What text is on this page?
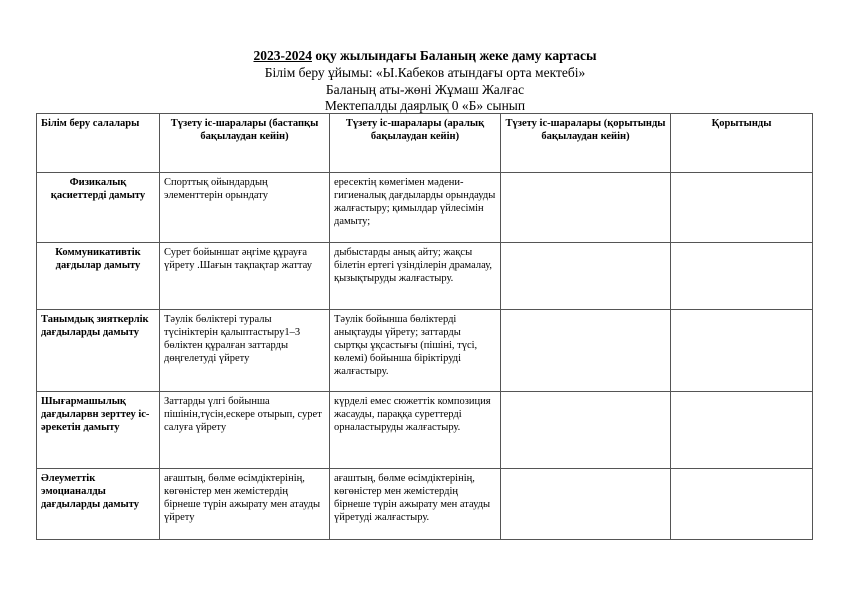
2023-2024 оқу жылындағы Баланың жеке даму картасы
Білім беру ұйымы: «Ы.Кабеков атындағы орта мектебі»
Баланың аты-жөні Жұмаш Жалғас
Мектепалды даярлық 0 «Б» сынып
Білім беру салалары	Түзету іс-шаралары (бастапқы бақылаудан кейін)	Түзету іс-шаралары (аралық бақылаудан кейін)	Түзету іс-шаралары (қорытынды бақылаудан кейін)	Қорытынды
Физикалық қасиеттерді дамыту	Спорттық ойындардың элементтерін орындату	ересектің көмегімен мәдени-гигиеналық дағдыларды орындауды жалғастыру; қимылдар үйлесімін дамыту;		
Коммуникативтік дағдылар дамыту	Сурет бойыншат әңгіме құрауға үйрету .Шағын тақпақтар жаттау	дыбыстарды анық айту; жақсы білетін ертегі үзінділерін драмалау, қызықтыруды жалғастыру.		
Танымдық зияткерлік дағдыларды дамыту	Тәулік бөліктері туралы түсініктерін қалыптастыру1–3 бөліктен құралған заттарды дөңгелетуді үйрету	Тәулік бойынша бөліктерді анықтауды үйрету; заттарды сыртқы ұқсастығы (пішіні, түсі, көлемі) бойынша біріктіруді жалғастыру.		
Шығармашылық дағдыларвн зерттеу іс-әрекетін дамыту	Заттарды үлгі бойынша пішінін,түсін,ескере отырып, сурет салуға үйрету	күрделі емес сюжеттік композиция жасауды, параққа суреттерді орналастыруды жалғастыру.		
Әлеуметтік эмоцианалды дағдыларды дамыту	ағаштың, бөлме өсімдіктерінің, көгөністер мен жемістердің бірнеше түрін ажырату мен атауды үйрету	ағаштың, бөлме өсімдіктерінің, көгөністер мен жемістердің бірнеше түрін ажырату мен атауды үйретуді жалғастыру.		
